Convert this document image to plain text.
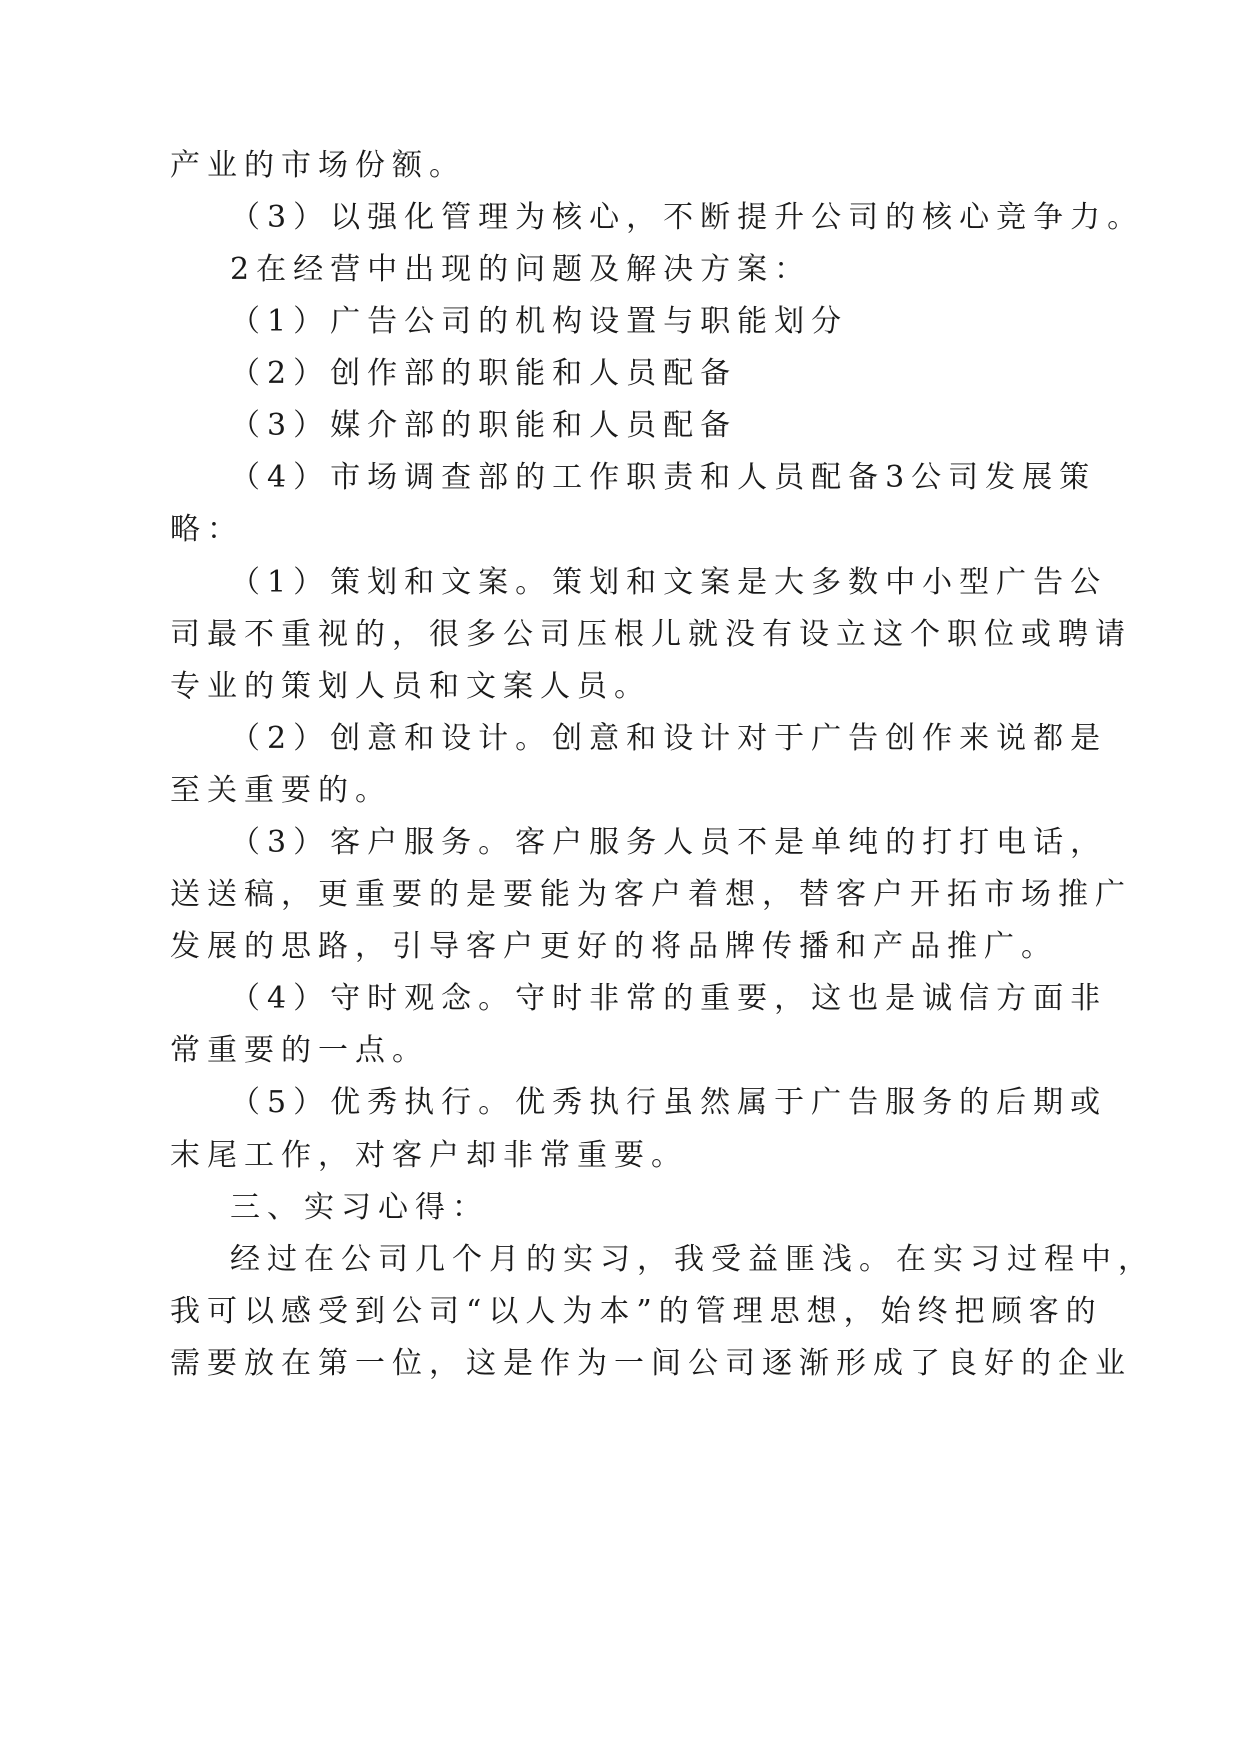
产业的市场份额。
（3）以强化管理为核心，不断提升公司的核心竞争力。
2在经营中出现的问题及解决方案：
（1）广告公司的机构设置与职能划分
（2）创作部的职能和人员配备
（3）媒介部的职能和人员配备
（4）市场调查部的工作职责和人员配备3公司发展策
略：
（1）策划和文案。策划和文案是大多数中小型广告公
司最不重视的，很多公司压根儿就没有设立这个职位或聘请
专业的策划人员和文案人员。
（2）创意和设计。创意和设计对于广告创作来说都是
至关重要的。
（3）客户服务。客户服务人员不是单纯的打打电话，
送送稿，更重要的是要能为客户着想，替客户开拓市场推广
发展的思路，引导客户更好的将品牌传播和产品推广。
（4）守时观念。守时非常的重要，这也是诚信方面非
常重要的一点。
（5）优秀执行。优秀执行虽然属于广告服务的后期或
末尾工作，对客户却非常重要。
三、实习心得：
经过在公司几个月的实习，我受益匪浅。在实习过程中，
我可以感受到公司“以人为本”的管理思想，始终把顾客的
需要放在第一位，这是作为一间公司逐渐形成了良好的企业
